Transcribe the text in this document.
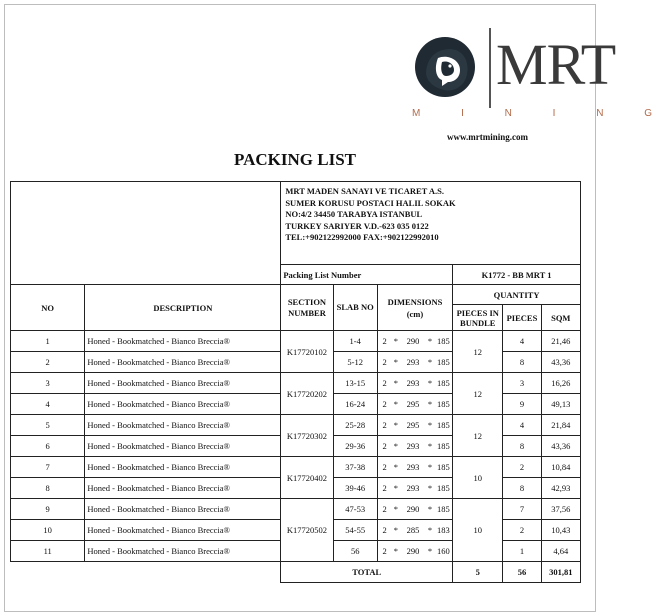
MRT
M I N I N G
www.mrtmining.com
PACKING LIST

		MRT MADEN SANAYI VE TICARET A.S.
SUMER KORUSU POSTACI HALIL SOKAK
NO:4/2 34450 TARABYA ISTANBUL
TURKEY SARIYER V.D.-623 035 0122
TEL:+902122992000 FAX:+902122992010									

		Packing List Number							K1772 - BB MRT 1		
NO	DESCRIPTION	SECTION NUMBER	SLAB NO	DIMENSIONS
(cm)					QUANTITY		
									PIECES IN BUNDLE	PIECES	SQM
1	Honed - Bookmatched - Bianco Breccia®	K17720102	1-4	2	*	290	*	185	12	4	21,46
2	Honed - Bookmatched - Bianco Breccia®		5-12	2	*	293	*	185		8	43,36
3	Honed - Bookmatched - Bianco Breccia®	K17720202	13-15	2	*	293	*	185	12	3	16,26
4	Honed - Bookmatched - Bianco Breccia®		16-24	2	*	295	*	185		9	49,13
5	Honed - Bookmatched - Bianco Breccia®	K17720302	25-28	2	*	295	*	185	12	4	21,84
6	Honed - Bookmatched - Bianco Breccia®		29-36	2	*	293	*	185		8	43,36
7	Honed - Bookmatched - Bianco Breccia®	K17720402	37-38	2	*	293	*	185	10	2	10,84
8	Honed - Bookmatched - Bianco Breccia®		39-46	2	*	293	*	185		8	42,93
9	Honed - Bookmatched - Bianco Breccia®	K17720502	47-53	2	*	290	*	185	10	7	37,56
10	Honed - Bookmatched - Bianco Breccia®		54-55	2	*	285	*	183		2	10,43
11	Honed - Bookmatched - Bianco Breccia®		56	2	*	290	*	160		1	4,64
		TOTAL							5	56	301,81
